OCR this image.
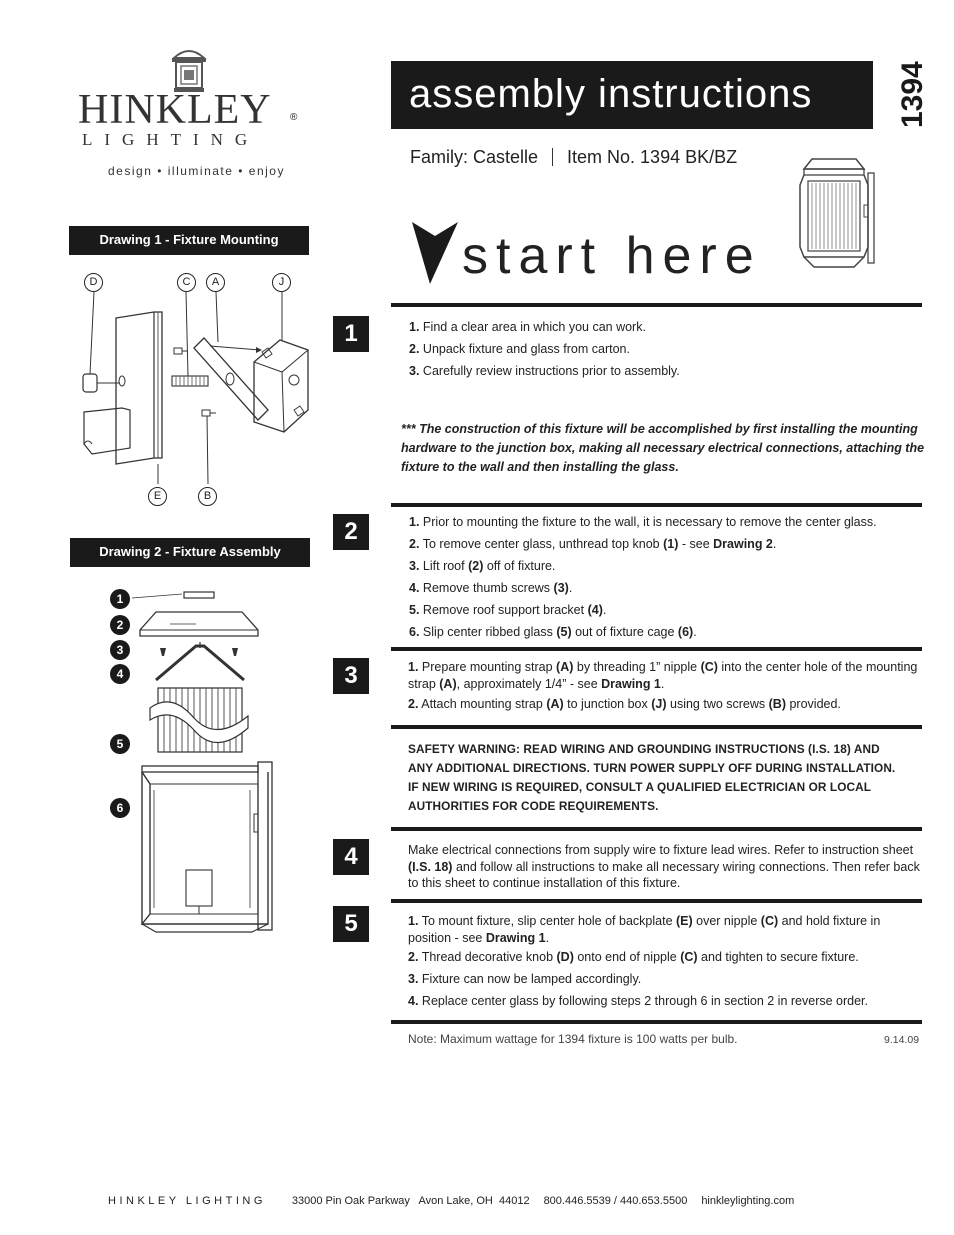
HINKLEY ®
LIGHTING
design • illuminate • enjoy
assembly instructions	1394
Family: Castelle Item No. 1394 BK/BZ
start here
Drawing 1 - Fixture Mounting
D	C	A	J
E	B
Drawing 2 - Fixture Assembly
1
2
3
4
5
6
1	1. Find a clear area in which you can work.
2. Unpack fixture and glass from carton.
3. Carefully review instructions prior to assembly.
*** The construction of this fixture will be accomplished by first installing the mounting hardware to the junction box, making all necessary electrical connections, attaching the fixture to the wall and then installing the glass.
2	1. Prior to mounting the fixture to the wall, it is necessary to remove the center glass.
2. To remove center glass, unthread top knob (1) - see Drawing 2.
3. Lift roof (2) off of fixture.
4. Remove thumb screws (3).
5. Remove roof support bracket (4).
6. Slip center ribbed glass (5) out of fixture cage (6).
3	1. Prepare mounting strap (A) by threading 1” nipple (C) into the center hole of the mounting strap (A), approximately 1/4” - see Drawing 1.
2. Attach mounting strap (A) to junction box (J) using two screws (B) provided.
SAFETY WARNING: READ WIRING AND GROUNDING INSTRUCTIONS (I.S. 18) AND ANY ADDITIONAL DIRECTIONS. TURN POWER SUPPLY OFF DURING INSTALLATION. IF NEW WIRING IS REQUIRED, CONSULT A QUALIFIED ELECTRICIAN OR LOCAL AUTHORITIES FOR CODE REQUIREMENTS.
4	Make electrical connections from supply wire to fixture lead wires. Refer to instruction sheet (I.S. 18) and follow all instructions to make all necessary wiring connections. Then refer back to this sheet to continue installation of this fixture.
5	1. To mount fixture, slip center hole of backplate (E) over nipple (C) and hold fixture in position - see Drawing 1.
2. Thread decorative knob (D) onto end of nipple (C) and tighten to secure fixture.
3. Fixture can now be lamped accordingly.
4. Replace center glass by following steps 2 through 6 in section 2 in reverse order.
Note: Maximum wattage for 1394 fixture is 100 watts per bulb.	9.14.09
HINKLEY LIGHTING 33000 Pin Oak Parkway   Avon Lake, OH  44012 800.446.5539 / 440.653.5500 hinkleylighting.com
